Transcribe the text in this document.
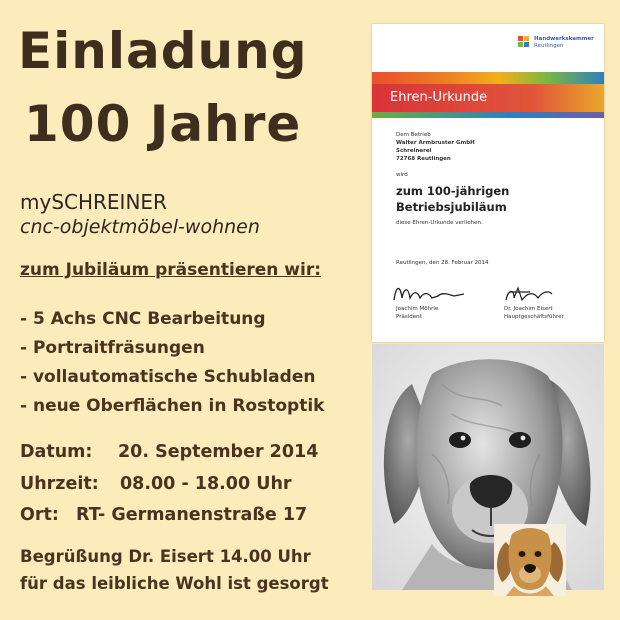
Einladung
100 Jahre
mySCHREINER
cnc-objektmöbel-wohnen
zum Jubiläum präsentieren wir:
- 5 Achs CNC Bearbeitung
- Portraitfräsungen
- vollautomatische Schubladen
- neue Oberflächen in Rostoptik
Datum: 20. September 2014
Uhrzeit: 08.00 - 18.00 Uhr
Ort: RT- Germanenstraße 17
Begrüßung Dr. Eisert 14.00 Uhr
für das leibliche Wohl ist gesorgt
Handwerkskammer
Reutlingen
Ehren-Urkunde
Dem Betrieb
Walter Armbruster GmbH
Schreinerei
72768 Reutlingen
wird
zum 100-jährigen
Betriebsjubiläum
diese Ehren-Urkunde verliehen.
Reutlingen, den 28. Februar 2014
Joachim Möhrle
Präsident
Dr. Joachim Eisert
Hauptgeschäftsführer
